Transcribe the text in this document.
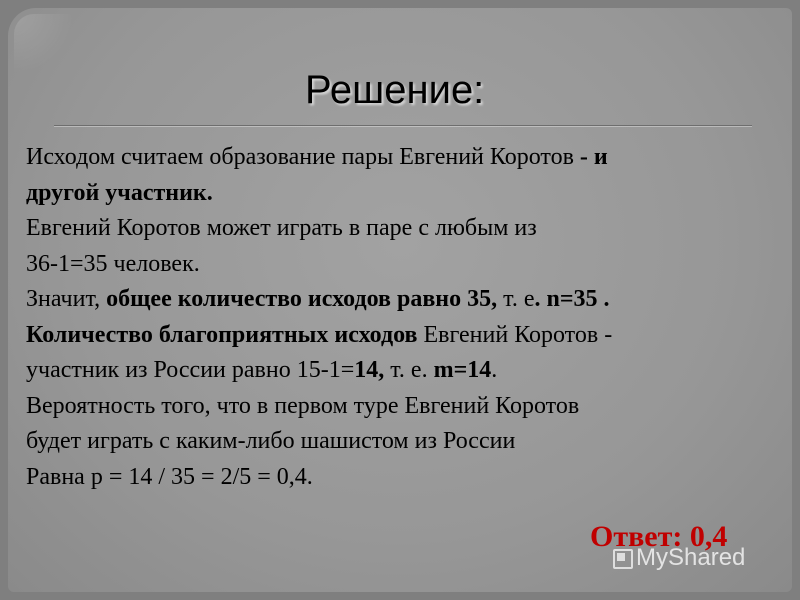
Решение:
Исходом считаем образование пары Евгений Коротов - и
другой участник.
Евгений Коротов может играть в паре с любым из
36-1=35 человек.
Значит, общее количество исходов равно 35, т. е. n=35 .
Количество благоприятных исходов Евгений Коротов -
участник из России равно 15-1=14, т. е. m=14.
Вероятность того, что в первом туре Евгений Коротов
будет играть с каким-либо шашистом из России
Равна р = 14 / 35 = 2/5 = 0,4.
Ответ: 0,4
MyShared
